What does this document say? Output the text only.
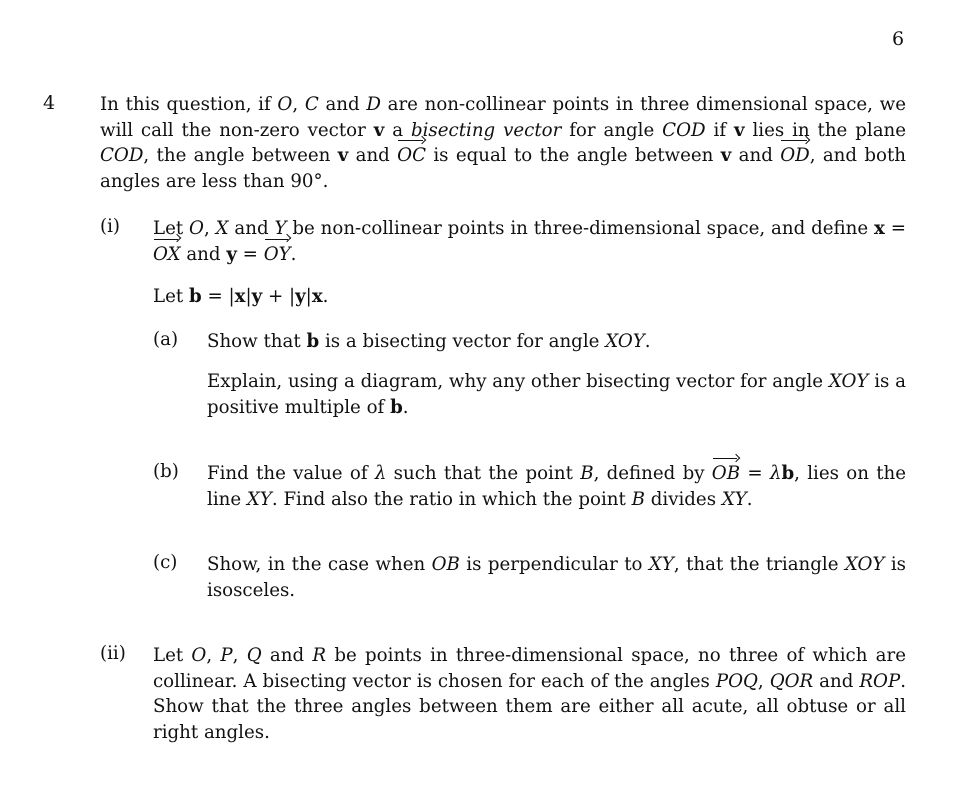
6
4 In this question, if O, C and D are non-collinear points in three dimensional space, we will call the non-zero vector v a bisecting vector for angle COD if v lies in the plane COD, the angle between v and OC is equal to the angle between v and OD, and both angles are less than 90°.
(i) Let O, X and Y be non-collinear points in three-dimensional space, and define x = OX and y = OY.
Let b = |x|y + |y|x.
(a) Show that b is a bisecting vector for angle XOY.
Explain, using a diagram, why any other bisecting vector for angle XOY is a positive multiple of b.
(b) Find the value of λ such that the point B, defined by OB = λb, lies on the line XY. Find also the ratio in which the point B divides XY.
(c) Show, in the case when OB is perpendicular to XY, that the triangle XOY is isosceles.
(ii) Let O, P, Q and R be points in three-dimensional space, no three of which are collinear. A bisecting vector is chosen for each of the angles POQ, QOR and ROP. Show that the three angles between them are either all acute, all obtuse or all right angles.
